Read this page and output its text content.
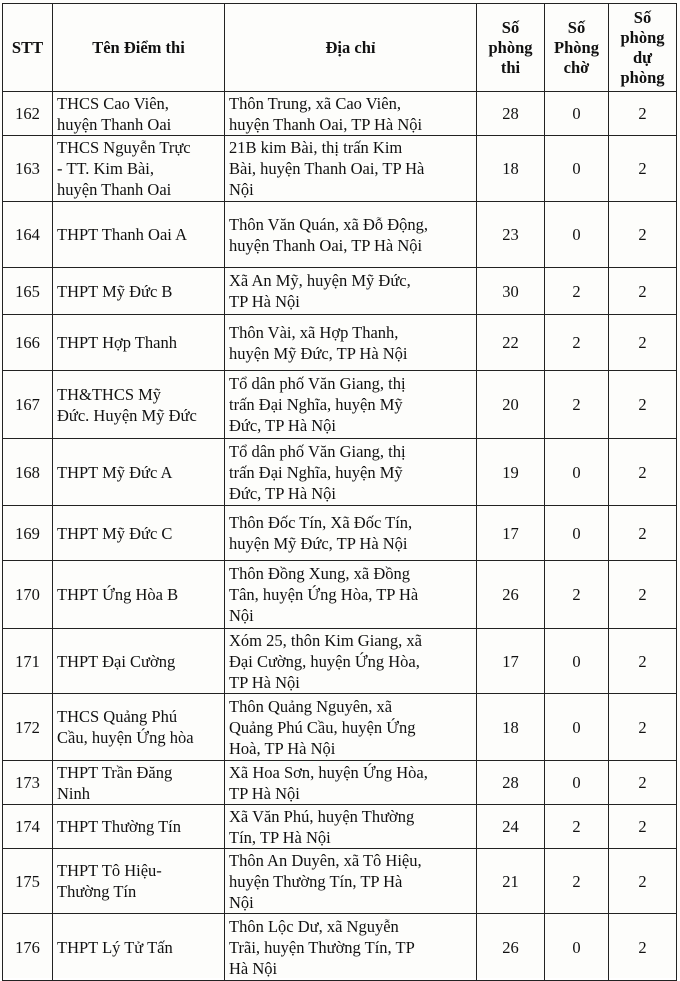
STT	Tên Điểm thi	Địa chỉ	Số
phòng
thi	Số
Phòng
chờ	Số
phòng
dự
phòng
162	THCS Cao Viên,
huyện Thanh Oai	Thôn Trung, xã Cao Viên,
huyện Thanh Oai, TP Hà Nội	28	0	2
163	THCS Nguyễn Trực
- TT. Kim Bài,
huyện Thanh Oai	21B kim Bài, thị trấn Kim
Bài, huyện Thanh Oai, TP Hà
Nội	18	0	2
164	THPT Thanh Oai A	Thôn Văn Quán, xã Đỗ Động,
huyện Thanh Oai, TP Hà Nội	23	0	2
165	THPT Mỹ Đức B	Xã An Mỹ, huyện Mỹ Đức,
TP Hà Nội	30	2	2
166	THPT Hợp Thanh	Thôn Vài, xã Hợp Thanh,
huyện Mỹ Đức, TP Hà Nội	22	2	2
167	TH&THCS Mỹ
Đức. Huyện Mỹ Đức	Tổ dân phố Văn Giang, thị
trấn Đại Nghĩa, huyện Mỹ
Đức, TP Hà Nội	20	2	2
168	THPT Mỹ Đức A	Tổ dân phố Văn Giang, thị
trấn Đại Nghĩa, huyện Mỹ
Đức, TP Hà Nội	19	0	2
169	THPT Mỹ Đức C	Thôn Đốc Tín, Xã Đốc Tín,
huyện Mỹ Đức, TP Hà Nội	17	0	2
170	THPT Ứng Hòa B	Thôn Đồng Xung, xã Đồng
Tân, huyện Ứng Hòa, TP Hà
Nội	26	2	2
171	THPT Đại Cường	Xóm 25, thôn Kim Giang, xã
Đại Cường, huyện Ứng Hòa,
TP Hà Nội	17	0	2
172	THCS Quảng Phú
Cầu, huyện Ứng hòa	Thôn Quảng Nguyên, xã
Quảng Phú Cầu, huyện Ứng
Hoà, TP Hà Nội	18	0	2
173	THPT Trần Đăng
Ninh	Xã Hoa Sơn, huyện Ứng Hòa,
TP Hà Nội	28	0	2
174	THPT Thường Tín	Xã Văn Phú, huyện Thường
Tín, TP Hà Nội	24	2	2
175	THPT Tô Hiệu-
Thường Tín	Thôn An Duyên, xã Tô Hiệu,
huyện Thường Tín, TP Hà
Nội	21	2	2
176	THPT Lý Tử Tấn	Thôn Lộc Dư, xã Nguyễn
Trãi, huyện Thường Tín, TP
Hà Nội	26	0	2
